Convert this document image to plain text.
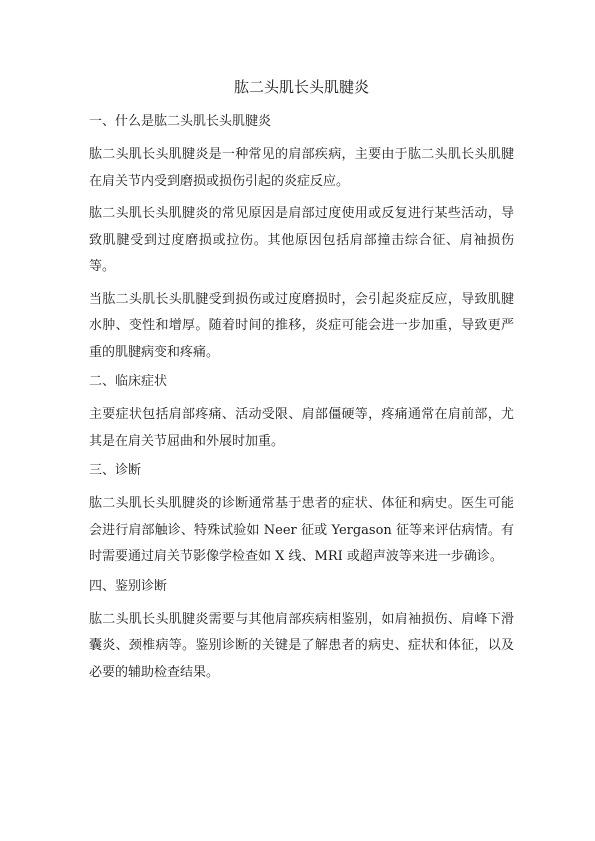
肱二头肌长头肌腱炎
一、什么是肱二头肌长头肌腱炎

肱二头肌长头肌腱炎是一种常见的肩部疾病，主要由于肱二头肌长头肌腱在肩关节内受到磨损或损伤引起的炎症反应。

肱二头肌长头肌腱炎的常见原因是肩部过度使用或反复进行某些活动，导致肌腱受到过度磨损或拉伤。其他原因包括肩部撞击综合征、肩袖损伤等。

当肱二头肌长头肌腱受到损伤或过度磨损时，会引起炎症反应，导致肌腱水肿、变性和增厚。随着时间的推移，炎症可能会进一步加重，导致更严重的肌腱病变和疼痛。

二、临床症状

主要症状包括肩部疼痛、活动受限、肩部僵硬等，疼痛通常在肩前部，尤其是在肩关节屈曲和外展时加重。

三、诊断

肱二头肌长头肌腱炎的诊断通常基于患者的症状、体征和病史。医生可能会进行肩部触诊、特殊试验如 Neer 征或 Yergason 征等来评估病情。有时需要通过肩关节影像学检查如 X 线、MRI 或超声波等来进一步确诊。

四、鉴别诊断

肱二头肌长头肌腱炎需要与其他肩部疾病相鉴别，如肩袖损伤、肩峰下滑囊炎、颈椎病等。鉴别诊断的关键是了解患者的病史、症状和体征，以及必要的辅助检查结果。
